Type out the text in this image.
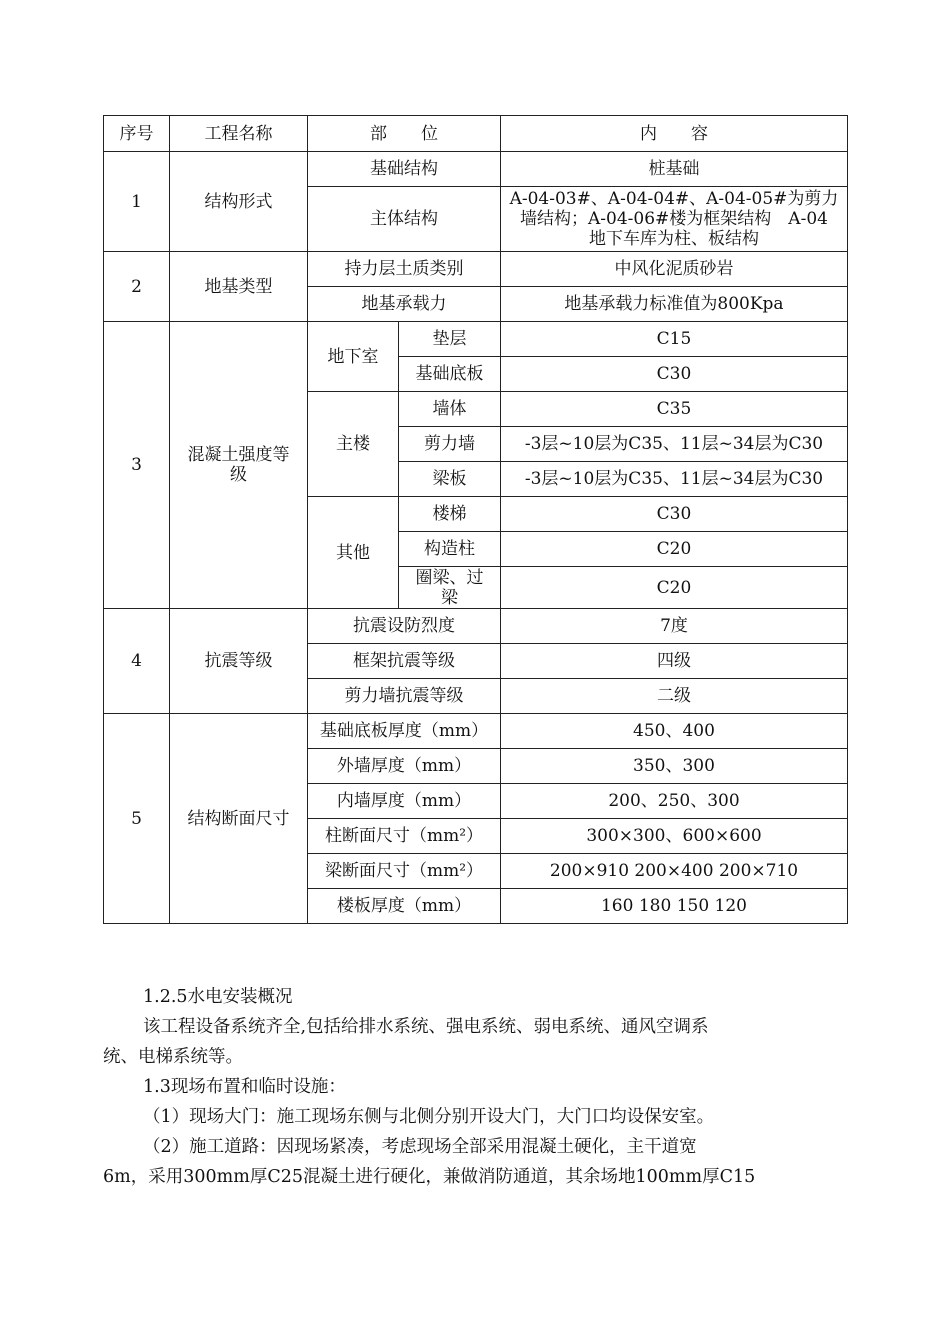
序号	工程名称	部　　位		内　　容
1	结构形式	基础结构		桩基础
		主体结构		A-04-03#、A-04-04#、A-04-05#为剪力
墙结构；A-04-06#楼为框架结构　A-04
地下车库为柱、板结构

2	地基类型	持力层土质类别		中风化泥质砂岩
		地基承载力		地基承载力标准值为800Kpa
3	混凝土强度等
级	地下室	垫层	C15
			基础底板	C30
		主楼	墙体	C35
			剪力墙	-3层~10层为C35、11层~34层为C30
			梁板	-3层~10层为C35、11层~34层为C30
		其他	楼梯	C30
			构造柱	C20

			圈梁、过
梁	C20
4	抗震等级	抗震设防烈度		7度
		框架抗震等级		四级
		剪力墙抗震等级		二级
5	结构断面尺寸	基础底板厚度（mm）		450、400
		外墙厚度（mm）		350、300
		内墙厚度（mm）		200、250、300
		柱断面尺寸（mm²）		300×300、600×600
		梁断面尺寸（mm²）		200×910 200×400 200×710
		楼板厚度（mm）		160 180 150 120

1.2.5水电安装概况

该工程设备系统齐全,包括给排水系统、强电系统、弱电系统、通风空调系

统、电梯系统等。

1.3现场布置和临时设施：

（1）现场大门：施工现场东侧与北侧分别开设大门，大门口均设保安室。

（2）施工道路：因现场紧凑，考虑现场全部采用混凝土硬化，主干道宽

6m，采用300mm厚C25混凝土进行硬化，兼做消防通道，其余场地100mm厚C15
